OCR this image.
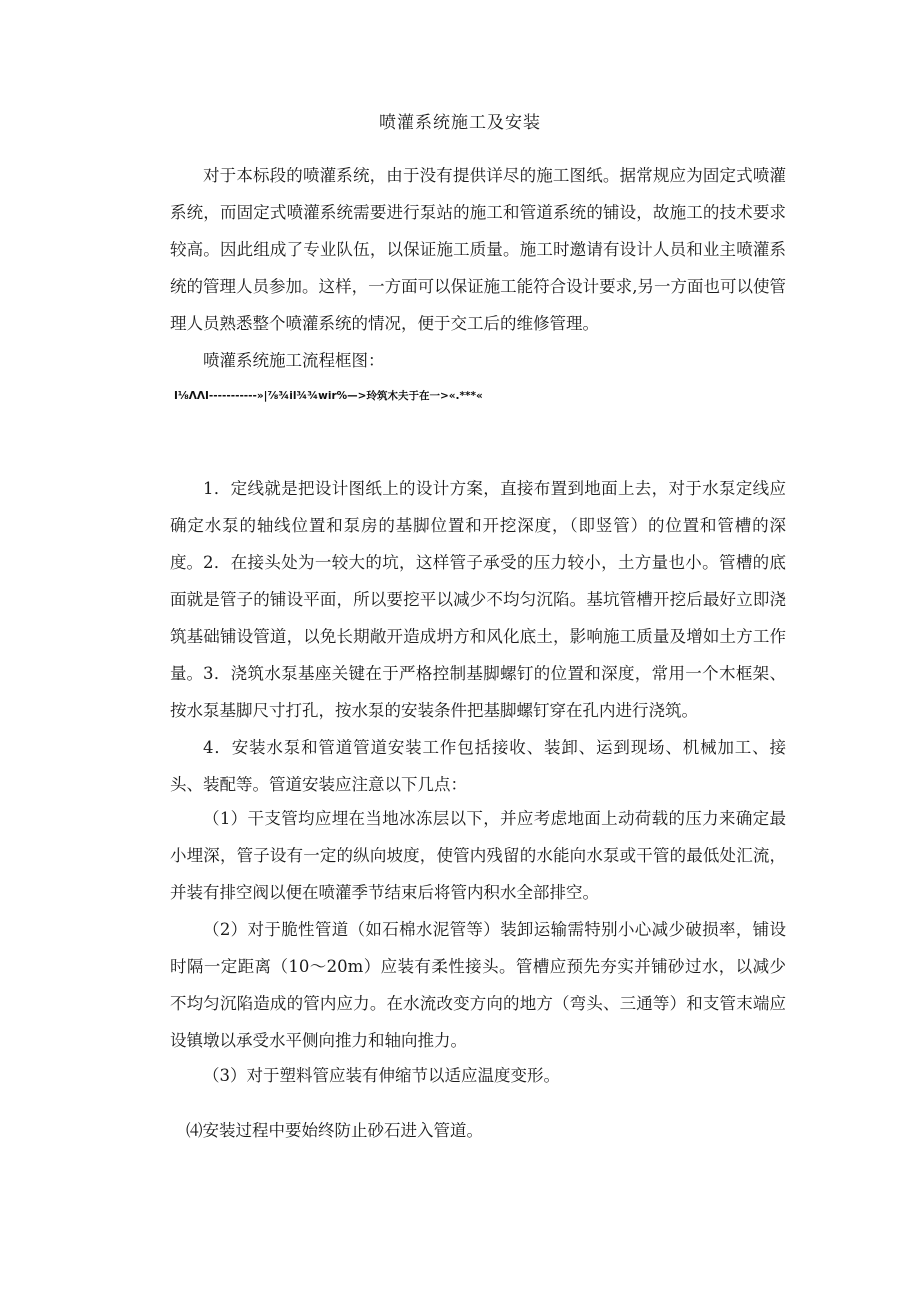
喷灌系统施工及安装

对于本标段的喷灌系统，由于没有提供详尽的施工图纸。据常规应为固定式喷灌系统，而固定式喷灌系统需要进行泵站的施工和管道系统的铺设，故施工的技术要求较高。因此组成了专业队伍，以保证施工质量。施工时邀请有设计人员和业主喷灌系统的管理人员参加。这样，一方面可以保证施工能符合设计要求,另一方面也可以使管理人员熟悉整个喷灌系统的情况，便于交工后的维修管理。

喷灌系统施工流程框图：

I⅛ΛΛI-----------»|⅞¾il¾¾wir%—>玲筑木夫于在一>«.***«

1．定线就是把设计图纸上的设计方案，直接布置到地面上去，对于水泵定线应确定水泵的轴线位置和泵房的基脚位置和开挖深度，（即竖管）的位置和管槽的深度。 2．在接头处为一较大的坑，这样管子承受的压力较小，土方量也小。管槽的底面就是管子的铺设平面，所以要挖平以减少不均匀沉陷。基坑管槽开挖后最好立即浇筑基础铺设管道，以免长期敞开造成坍方和风化底土，影响施工质量及增如土方工作量。 3．浇筑水泵基座关键在于严格控制基脚螺钉的位置和深度，常用一个木框架、按水泵基脚尺寸打孔，按水泵的安装条件把基脚螺钉穿在孔内进行浇筑。

4．安装水泵和管道管道安装工作包括接收、装卸、运到现场、机械加工、接头、装配等。管道安装应注意以下几点：

（1）干支管均应埋在当地冰冻层以下，并应考虑地面上动荷载的压力来确定最小埋深，管子设有一定的纵向坡度，使管内残留的水能向水泵或干管的最低处汇流，并装有排空阀以便在喷灌季节结束后将管内积水全部排空。

（2）对于脆性管道（如石棉水泥管等）装卸运输需特别小心减少破损率，铺设时隔一定距离（10～20m）应装有柔性接头。管槽应预先夯实并铺砂过水，以减少不均匀沉陷造成的管内应力。在水流改变方向的地方（弯头、三通等）和支管末端应设镇墩以承受水平侧向推力和轴向推力。

（3）对于塑料管应装有伸缩节以适应温度变形。

⑷安装过程中要始终防止砂石进入管道。
